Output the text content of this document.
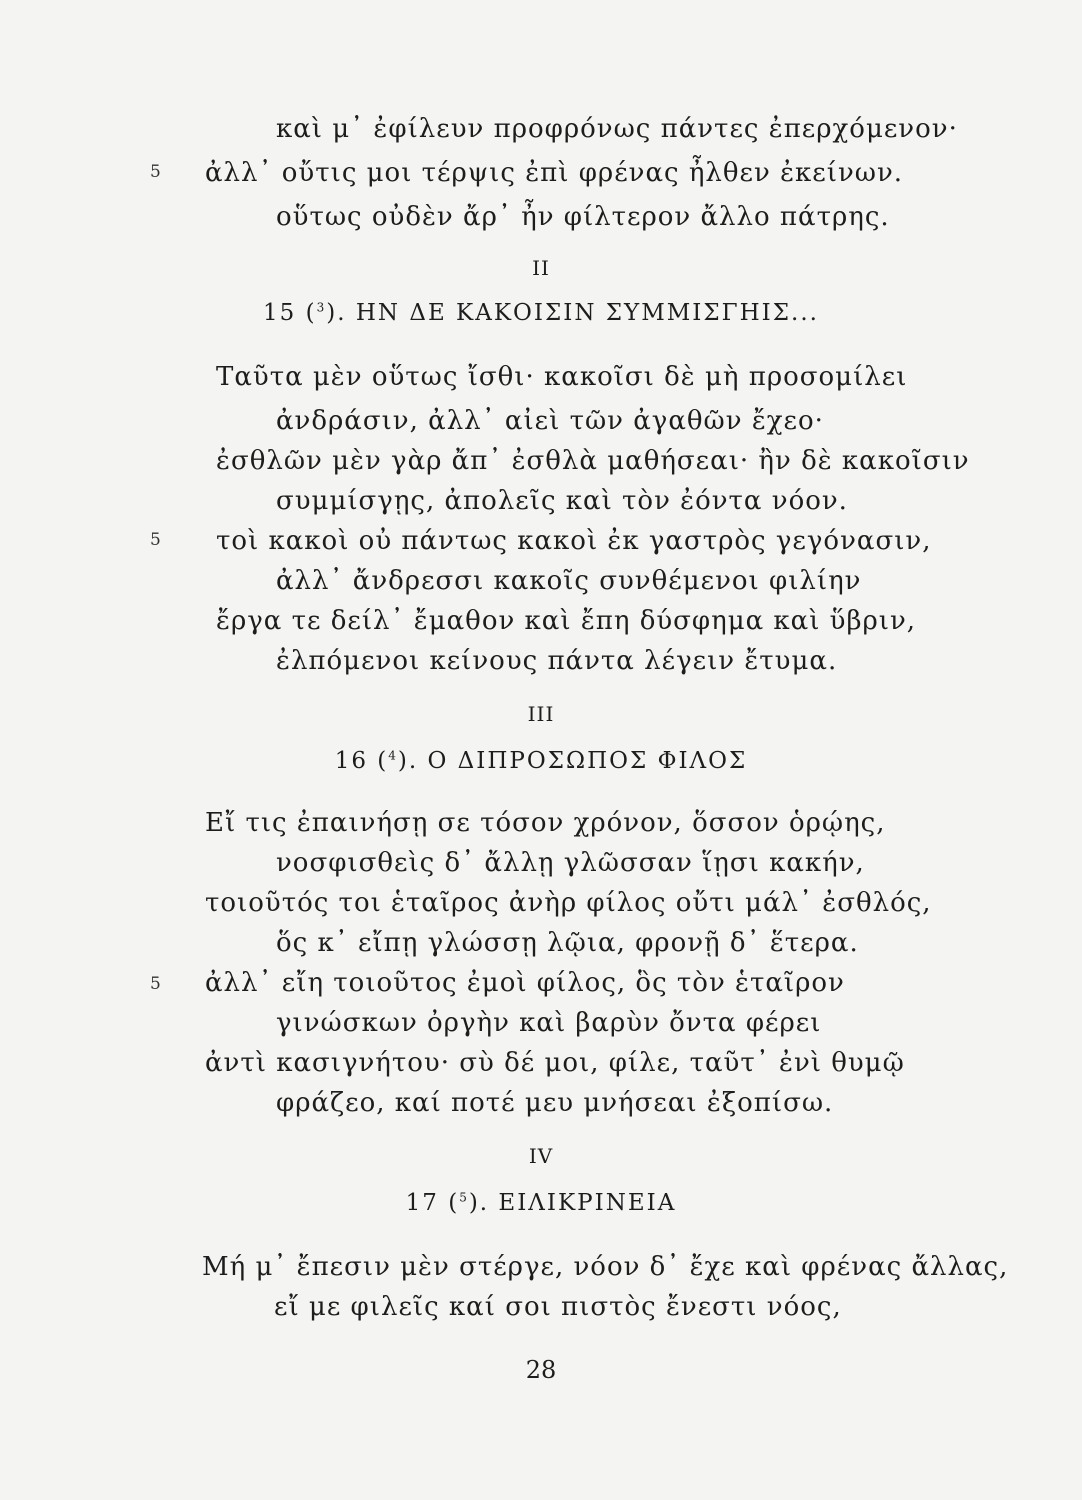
καὶ μ᾿ ἐφίλευν προφρόνως πάντες ἐπερχόμενον·
5 ἀλλ᾿ οὔτις μοι τέρψις ἐπὶ φρένας ἦλθεν ἐκείνων.
οὕτως οὐδὲν ἄρ᾿ ἦν φίλτερον ἄλλο πάτρης.
II
15 ($^3$). ΗΝ ΔΕ ΚΑΚΟΙΣΙΝ ΣΥΜΜΙΣΓΗΙΣ...
Ταῦτα μὲν οὕτως ἴσθι· κακοῖσι δὲ μὴ προσομίλει
ἀνδράσιν, ἀλλ᾿ αἰεὶ τῶν ἀγαθῶν ἔχεο·
ἐσθλῶν μὲν γὰρ ἄπ᾿ ἐσθλὰ μαθήσεαι· ἢν δὲ κακοῖσιν
συμμίσγῃς, ἀπολεῖς καὶ τὸν ἐόντα νόον.
5 τοὶ κακοὶ οὐ πάντως κακοὶ ἐκ γαστρὸς γεγόνασιν,
ἀλλ᾿ ἄνδρεσσι κακοῖς συνθέμενοι φιλίην
ἔργα τε δείλ᾿ ἔμαθον καὶ ἔπη δύσφημα καὶ ὕβριν,
ἐλπόμενοι κείνους πάντα λέγειν ἔτυμα.
III
16 ($^4$). Ο ΔΙΠΡΟΣΩΠΟΣ ΦΙΛΟΣ
Εἴ τις ἐπαινήσῃ σε τόσον χρόνον, ὅσσον ὁρῴης,
νοσφισθεὶς δ᾿ ἄλλῃ γλῶσσαν ἵῃσι κακήν,
τοιοῦτός τοι ἑταῖρος ἀνὴρ φίλος οὔτι μάλ᾿ ἐσθλός,
ὅς κ᾿ εἴπῃ γλώσσῃ λῷια, φρονῇ δ᾿ ἕτερα.
5 ἀλλ᾿ εἴη τοιοῦτος ἐμοὶ φίλος, ὃς τὸν ἑταῖρον
γινώσκων ὀργὴν καὶ βαρὺν ὄντα φέρει
ἀντὶ κασιγνήτου· σὺ δέ μοι, φίλε, ταῦτ᾿ ἐνὶ θυμῷ
φράζεο, καί ποτέ μευ μνήσεαι ἐξοπίσω.
IV
17 ($^5$). ΕΙΛΙΚΡΙΝΕΙΑ
Μή μ᾿ ἔπεσιν μὲν στέργε, νόον δ᾿ ἔχε καὶ φρένας ἄλλας,
εἴ με φιλεῖς καί σοι πιστὸς ἔνεστι νόος,
28
